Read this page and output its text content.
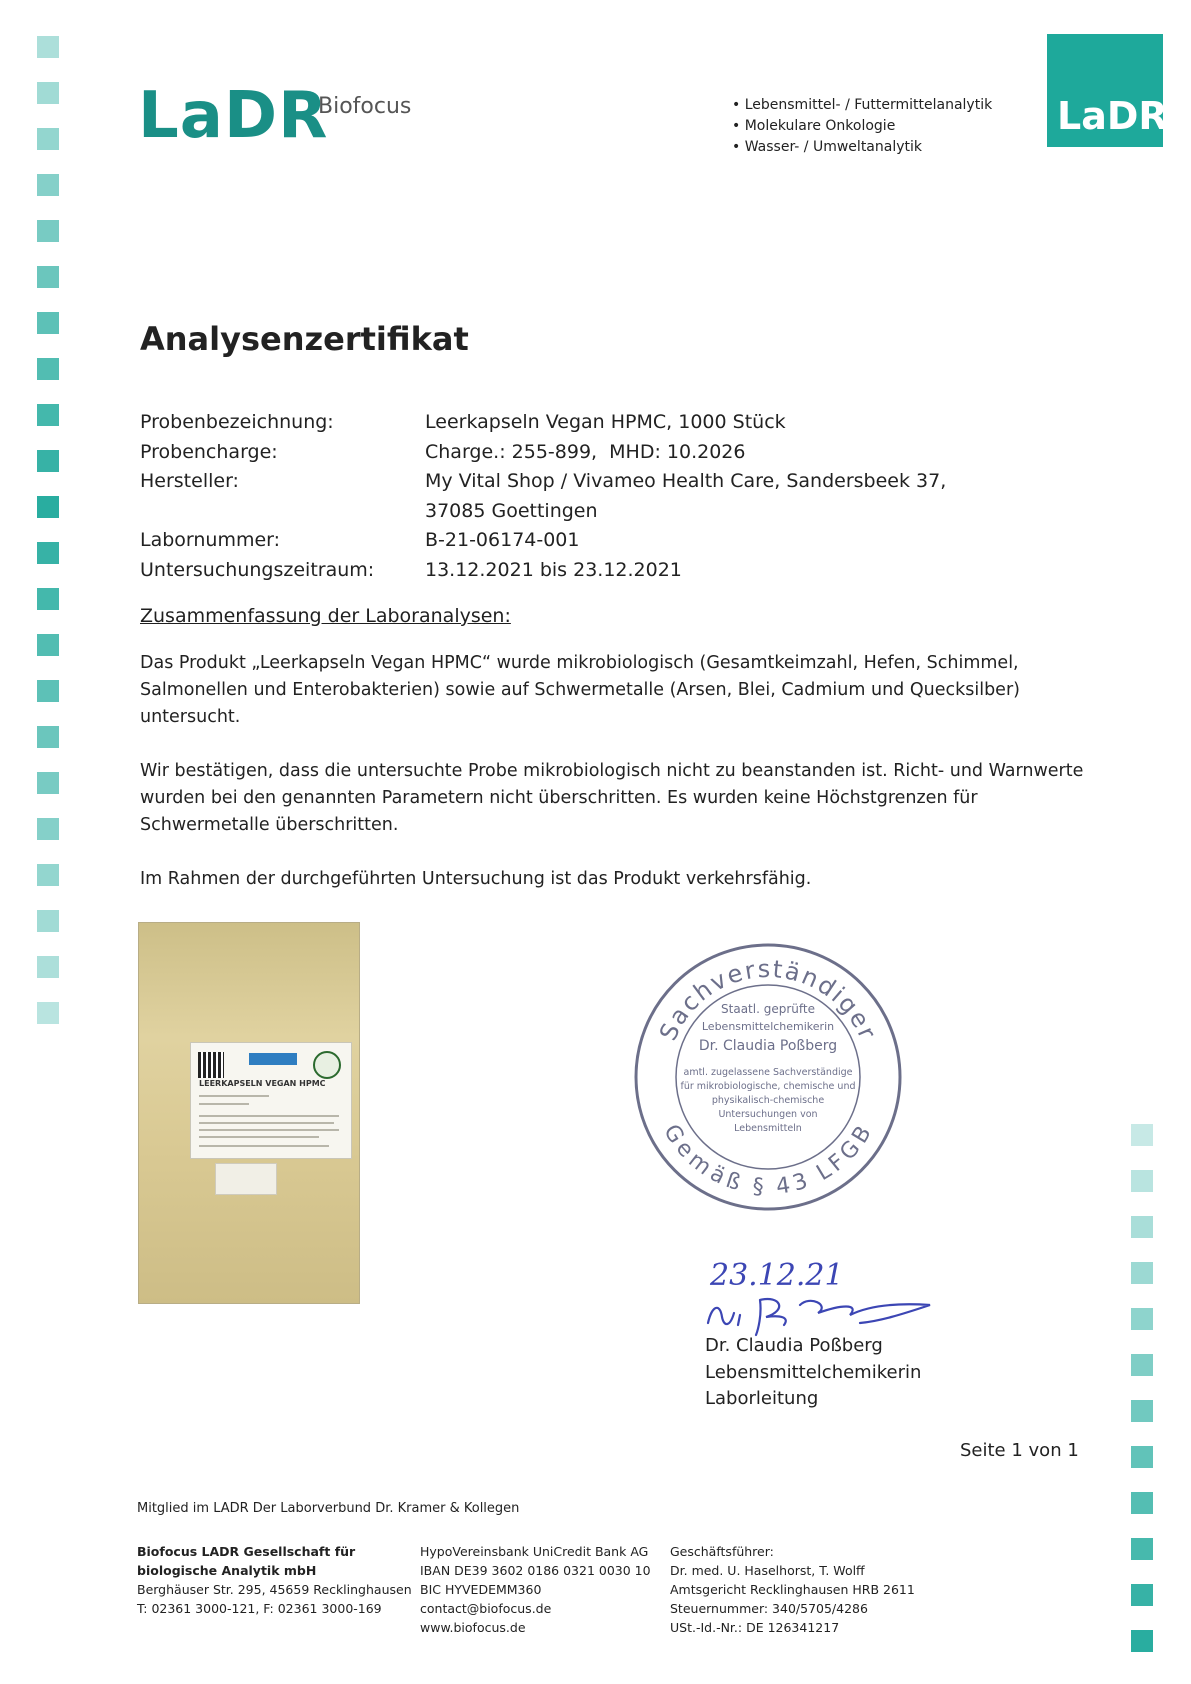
LaDR
Biofocus
•	Lebensmittel- / Futtermittelanalytik
• Molekulare Onkologie
• Wasser- / Umweltanalytik
LaDR
Analysenzertifikat
Probenbezeichnung:	Leerkapseln Vegan HPMC, 1000 Stück
Probencharge:	Charge.: 255-899,  MHD: 10.2026
Hersteller:	My Vital Shop / Vivameo Health Care, Sandersbeek 37,
37085 Goettingen
Labornummer:	B-21-06174-001
Untersuchungszeitraum:	13.12.2021 bis 23.12.2021
Zusammenfassung der Laboranalysen:

Das Produkt „Leerkapseln Vegan HPMC“ wurde mikrobiologisch (Gesamtkeimzahl, Hefen, Schimmel, Salmonellen und Enterobakterien) sowie auf Schwermetalle (Arsen, Blei, Cadmium und Quecksilber) untersucht.

Wir bestätigen, dass die untersuchte Probe mikrobiologisch nicht zu beanstanden ist. Richt- und Warnwerte wurden bei den genannten Parametern nicht überschritten. Es wurden keine Höchstgrenzen für Schwermetalle überschritten.

Im Rahmen der durchgeführten Untersuchung ist das Produkt verkehrsfähig.

LEERKAPSELN VEGAN HPMC
Sachverständiger
Gemäß § 43 LFGB
Staatl. geprüfte
Lebensmittelchemikerin
Dr. Claudia Poßberg
amtl. zugelassene Sachverständige
für mikrobiologische, chemische und
physikalisch-chemische
Untersuchungen von
Lebensmitteln
23.12.21
Dr. Claudia Poßberg
Lebensmittelchemikerin
Laborleitung
Seite 1 von 1
Mitglied im LADR Der Laborverbund Dr. Kramer & Kollegen
Biofocus LADR Gesellschaft für
biologische Analytik mbH
Berghäuser Str. 295, 45659 Recklinghausen
T: 02361 3000-121, F: 02361 3000-169
HypoVereinsbank UniCredit Bank AG
IBAN DE39 3602 0186 0321 0030 10
BIC HYVEDEMM360
contact@biofocus.de
www.biofocus.de
Geschäftsführer:
Dr. med. U. Haselhorst, T. Wolff
Amtsgericht Recklinghausen HRB 2611
Steuernummer: 340/5705/4286
USt.-Id.-Nr.: DE 126341217
